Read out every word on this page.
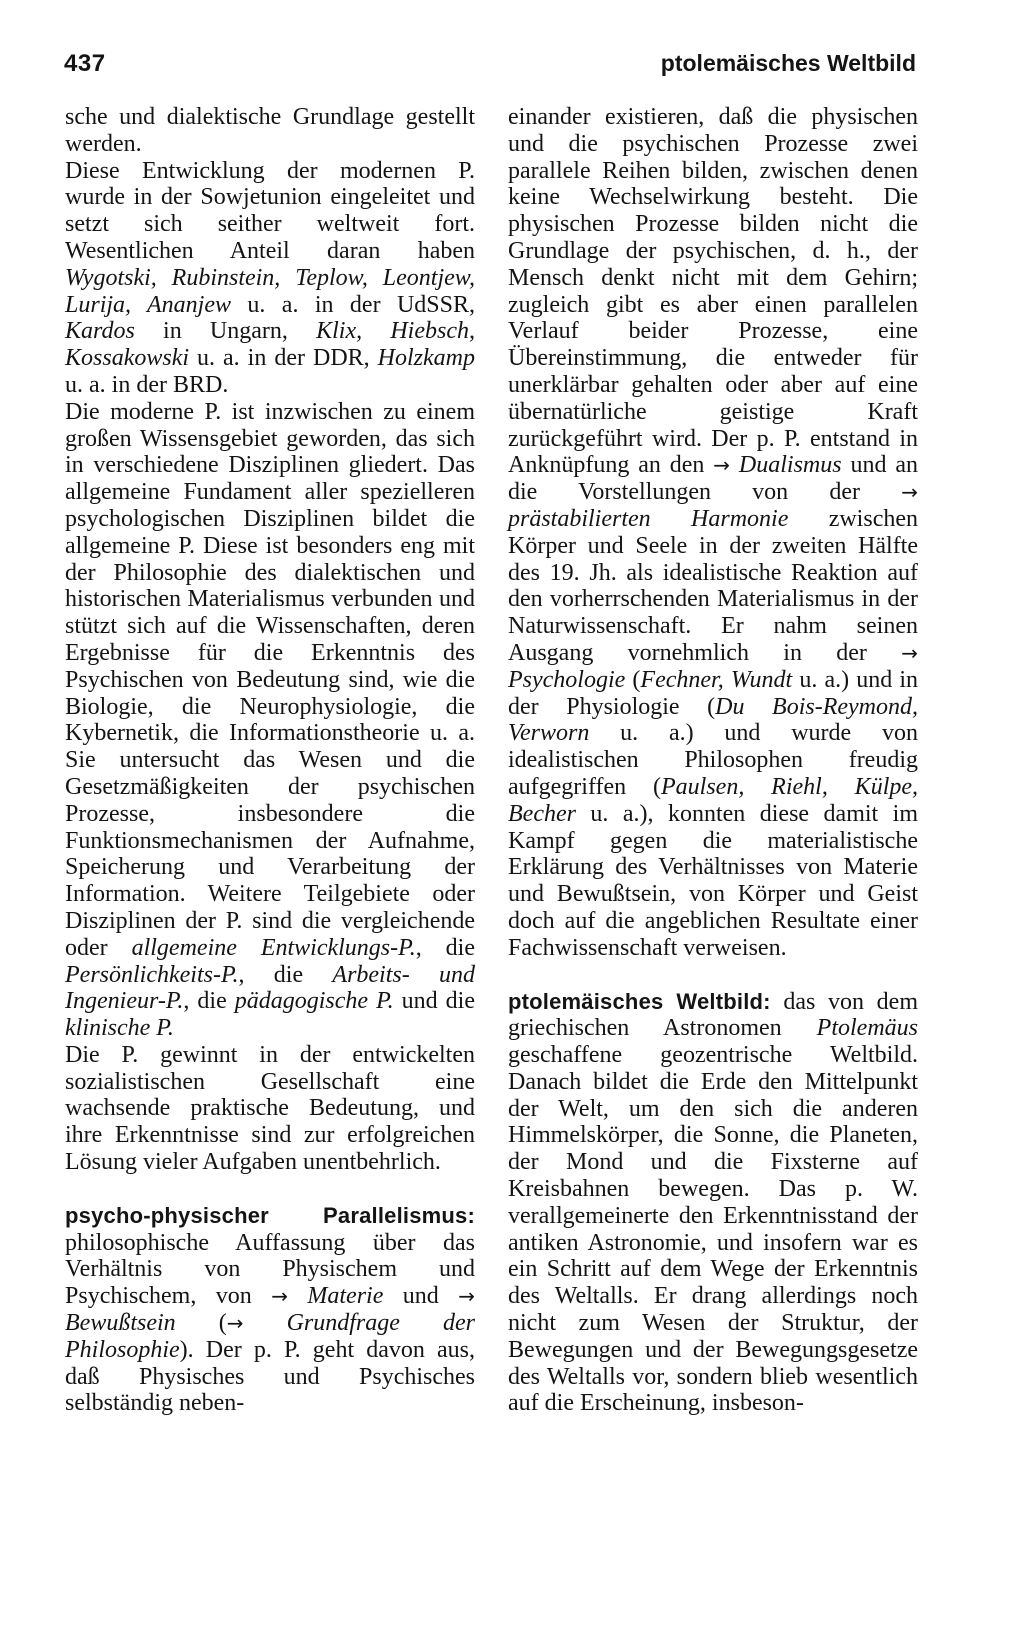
437	ptolemäisches Weltbild

sche und dialektische Grundlage gestellt werden.

Diese Entwicklung der modernen P. wurde in der Sowjetunion eingeleitet und setzt sich seither weltweit fort. Wesentlichen Anteil daran haben Wygotski, Rubinstein, Teplow, Leontjew, Lurija, Ananjew u. a. in der UdSSR, Kardos in Ungarn, Klix, Hiebsch, Kossakowski u. a. in der DDR, Holzkamp u. a. in der BRD.

Die moderne P. ist inzwischen zu einem großen Wissensgebiet geworden, das sich in verschiedene Disziplinen gliedert. Das allgemeine Fundament aller spezielleren psychologischen Disziplinen bildet die allgemeine P. Diese ist besonders eng mit der Philosophie des dialektischen und historischen Materialismus verbunden und stützt sich auf die Wissenschaften, deren Ergebnisse für die Erkenntnis des Psychischen von Bedeutung sind, wie die Biologie, die Neurophysiologie, die Kybernetik, die Informationstheorie u. a. Sie untersucht das Wesen und die Gesetzmäßigkeiten der psychischen Prozesse, insbesondere die Funktionsmechanismen der Aufnahme, Speicherung und Verarbeitung der Information. Weitere Teilgebiete oder Disziplinen der P. sind die vergleichende oder allgemeine Entwicklungs-P., die Persönlichkeits-P., die Arbeits- und Ingenieur-P., die pädagogische P. und die klinische P.

Die P. gewinnt in der entwickelten sozialistischen Gesellschaft eine wachsende praktische Bedeutung, und ihre Erkenntnisse sind zur erfolgreichen Lösung vieler Aufgaben unentbehrlich.

psycho-physischer Parallelismus: philosophische Auffassung über das Verhältnis von Physischem und Psychischem, von → Materie und → Bewußtsein (→ Grundfrage der Philosophie). Der p. P. geht davon aus, daß Physisches und Psychisches selbständig neben-

einander existieren, daß die physischen und die psychischen Prozesse zwei parallele Reihen bilden, zwischen denen keine Wechselwirkung besteht. Die physischen Prozesse bilden nicht die Grundlage der psychischen, d. h., der Mensch denkt nicht mit dem Gehirn; zugleich gibt es aber einen parallelen Verlauf beider Prozesse, eine Übereinstimmung, die entweder für unerklärbar gehalten oder aber auf eine übernatürliche geistige Kraft zurückgeführt wird. Der p. P. entstand in Anknüpfung an den → Dualismus und an die Vorstellungen von der → prästabilierten Harmonie zwischen Körper und Seele in der zweiten Hälfte des 19. Jh. als idealistische Reaktion auf den vorherrschenden Materialismus in der Naturwissenschaft. Er nahm seinen Ausgang vornehmlich in der → Psychologie (Fechner, Wundt u. a.) und in der Physiologie (Du Bois-Reymond, Verworn u. a.) und wurde von idealistischen Philosophen freudig aufgegriffen (Paulsen, Riehl, Külpe, Becher u. a.), konnten diese damit im Kampf gegen die materialistische Erklärung des Verhältnisses von Materie und Bewußtsein, von Körper und Geist doch auf die angeblichen Resultate einer Fachwissenschaft verweisen.

ptolemäisches Weltbild: das von dem griechischen Astronomen Ptolemäus geschaffene geozentrische Weltbild. Danach bildet die Erde den Mittelpunkt der Welt, um den sich die anderen Himmelskörper, die Sonne, die Planeten, der Mond und die Fixsterne auf Kreisbahnen bewegen. Das p. W. verallgemeinerte den Erkenntnisstand der antiken Astronomie, und insofern war es ein Schritt auf dem Wege der Erkenntnis des Weltalls. Er drang allerdings noch nicht zum Wesen der Struktur, der Bewegungen und der Bewegungsgesetze des Weltalls vor, sondern blieb wesentlich auf die Erscheinung, insbeson-
